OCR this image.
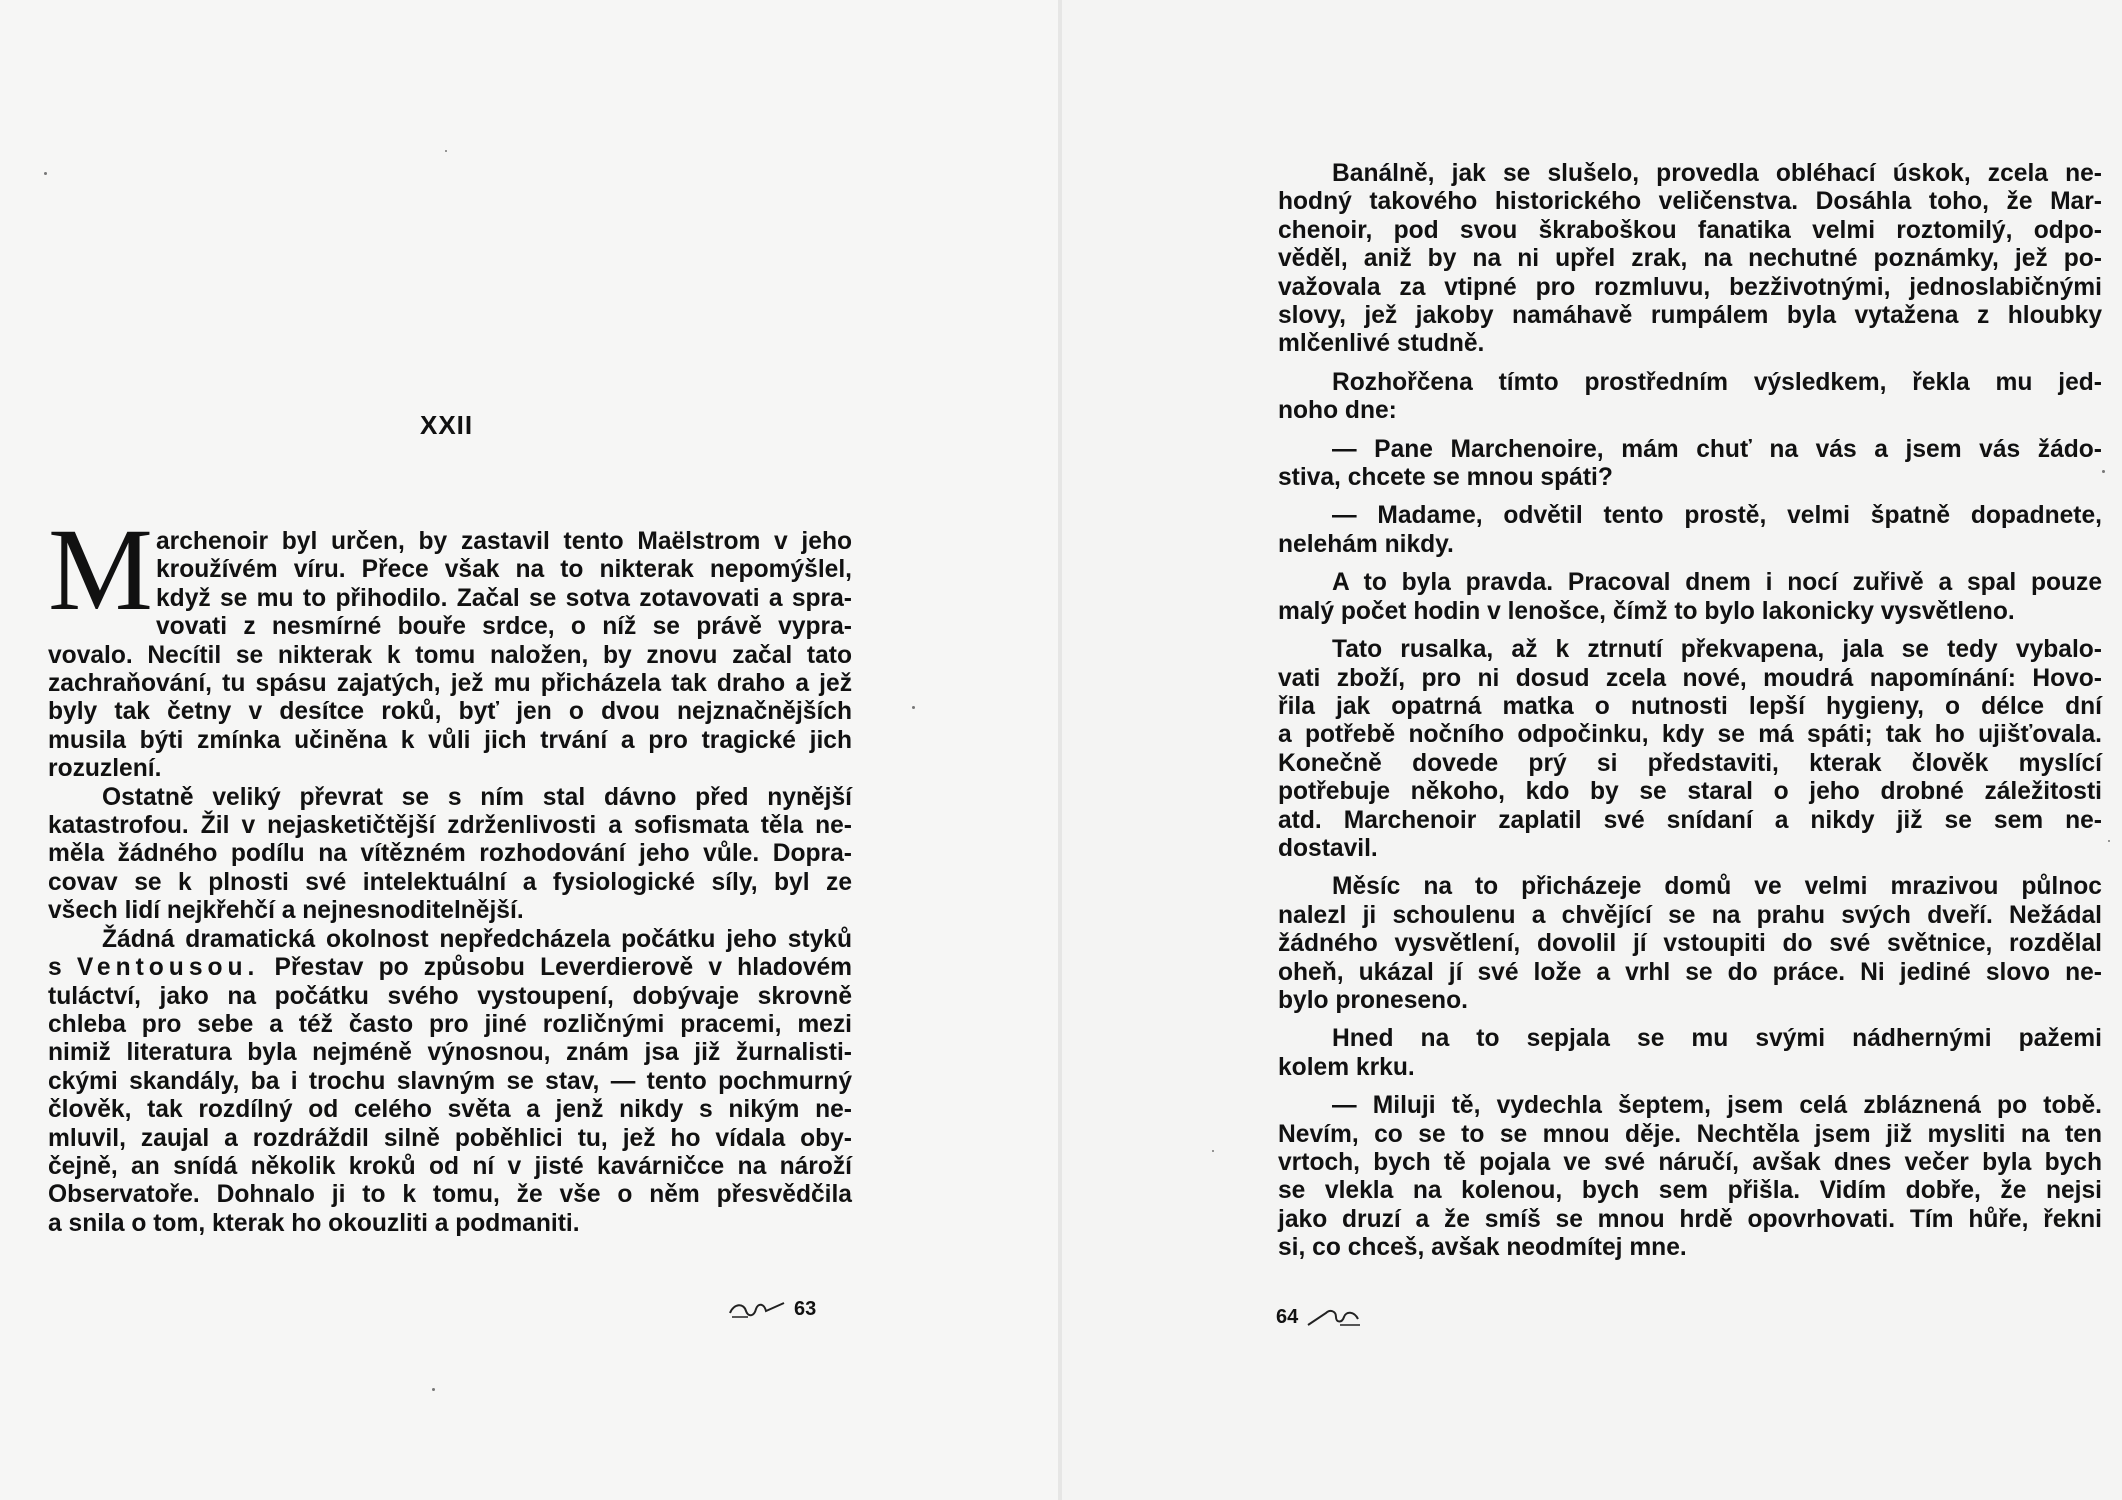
XXII
M archenoir byl určen, by zastavil tento Maëlstrom v jeho
kroužívém víru. Přece však na to nikterak nepomýšlel,
když se mu to přihodilo. Začal se sotva zotavovati a spra-
vovati z nesmírné bouře srdce, o níž se právě vypra-
vovalo. Necítil se nikterak k tomu naložen, by znovu začal tato
zachraňování, tu spásu zajatých, jež mu přicházela tak draho a jež
byly tak četny v desítce roků, byť jen o dvou nejznačnějších
musila býti zmínka učiněna k vůli jich trvání a pro tragické jich
rozuzlení.

Ostatně veliký převrat se s ním stal dávno před nynější
katastrofou. Žil v nejasketičtější zdrženlivosti a sofismata těla ne-
měla žádného podílu na vítězném rozhodování jeho vůle. Dopra-
covav se k plnosti své intelektuální a fysiologické síly, byl ze
všech lidí nejkřehčí a nejnesnoditelnější.

Žádná dramatická okolnost nepředcházela počátku jeho styků
s Ventousou. Přestav po způsobu Leverdierově v hladovém
tuláctví, jako na počátku svého vystoupení, dobývaje skrovně
chleba pro sebe a též často pro jiné rozličnými pracemi, mezi
nimiž literatura byla nejméně výnosnou, znám jsa již žurnalisti-
ckými skandály, ba i trochu slavným se stav, — tento pochmurný
člověk, tak rozdílný od celého světa a jenž nikdy s nikým ne-
mluvil, zaujal a rozdráždil silně poběhlici tu, jež ho vídala oby-
čejně, an snídá několik kroků od ní v jisté kavárničce na nároží
Observatoře. Dohnalo ji to k tomu, že vše o něm přesvědčila
a snila o tom, kterak ho okouzliti a podmaniti.

63

Banálně, jak se slušelo, provedla obléhací úskok, zcela ne-
hodný takového historického veličenstva. Dosáhla toho, že Mar-
chenoir, pod svou škraboškou fanatika velmi roztomilý, odpo-
věděl, aniž by na ni upřel zrak, na nechutné poznámky, jež po-
važovala za vtipné pro rozmluvu, bezživotnými, jednoslabičnými
slovy, jež jakoby namáhavě rumpálem byla vytažena z hloubky
mlčenlivé studně.

Rozhořčena tímto prostředním výsledkem, řekla mu jed-
noho dne:

— Pane Marchenoire, mám chuť na vás a jsem vás žádo-
stiva, chcete se mnou spáti?

— Madame, odvětil tento prostě, velmi špatně dopadnete,
nelehám nikdy.

A to byla pravda. Pracoval dnem i nocí zuřivě a spal pouze
malý počet hodin v lenošce, čímž to bylo lakonicky vysvětleno.

Tato rusalka, až k ztrnutí překvapena, jala se tedy vybalo-
vati zboží, pro ni dosud zcela nové, moudrá napomínání: Hovo-
řila jak opatrná matka o nutnosti lepší hygieny, o délce dní
a potřebě nočního odpočinku, kdy se má spáti; tak ho ujišťovala.
Konečně dovede prý si představiti, kterak člověk myslící
potřebuje někoho, kdo by se staral o jeho drobné záležitosti
atd. Marchenoir zaplatil své snídaní a nikdy již se sem ne-
dostavil.

Měsíc na to přicházeje domů ve velmi mrazivou půlnoc
nalezl ji schoulenu a chvějící se na prahu svých dveří. Nežádal
žádného vysvětlení, dovolil jí vstoupiti do své světnice, rozdělal
oheň, ukázal jí své lože a vrhl se do práce. Ni jediné slovo ne-
bylo proneseno.

Hned na to sepjala se mu svými nádhernými pažemi
kolem krku.

— Miluji tě, vydechla šeptem, jsem celá zbláznená po tobě.
Nevím, co se to se mnou děje. Nechtěla jsem již mysliti na ten
vrtoch, bych tě pojala ve své náručí, avšak dnes večer byla bych
se vlekla na kolenou, bych sem přišla. Vidím dobře, že nejsi
jako druzí a že smíš se mnou hrdě opovrhovati. Tím hůře, řekni
si, co chceš, avšak neodmítej mne.

64
